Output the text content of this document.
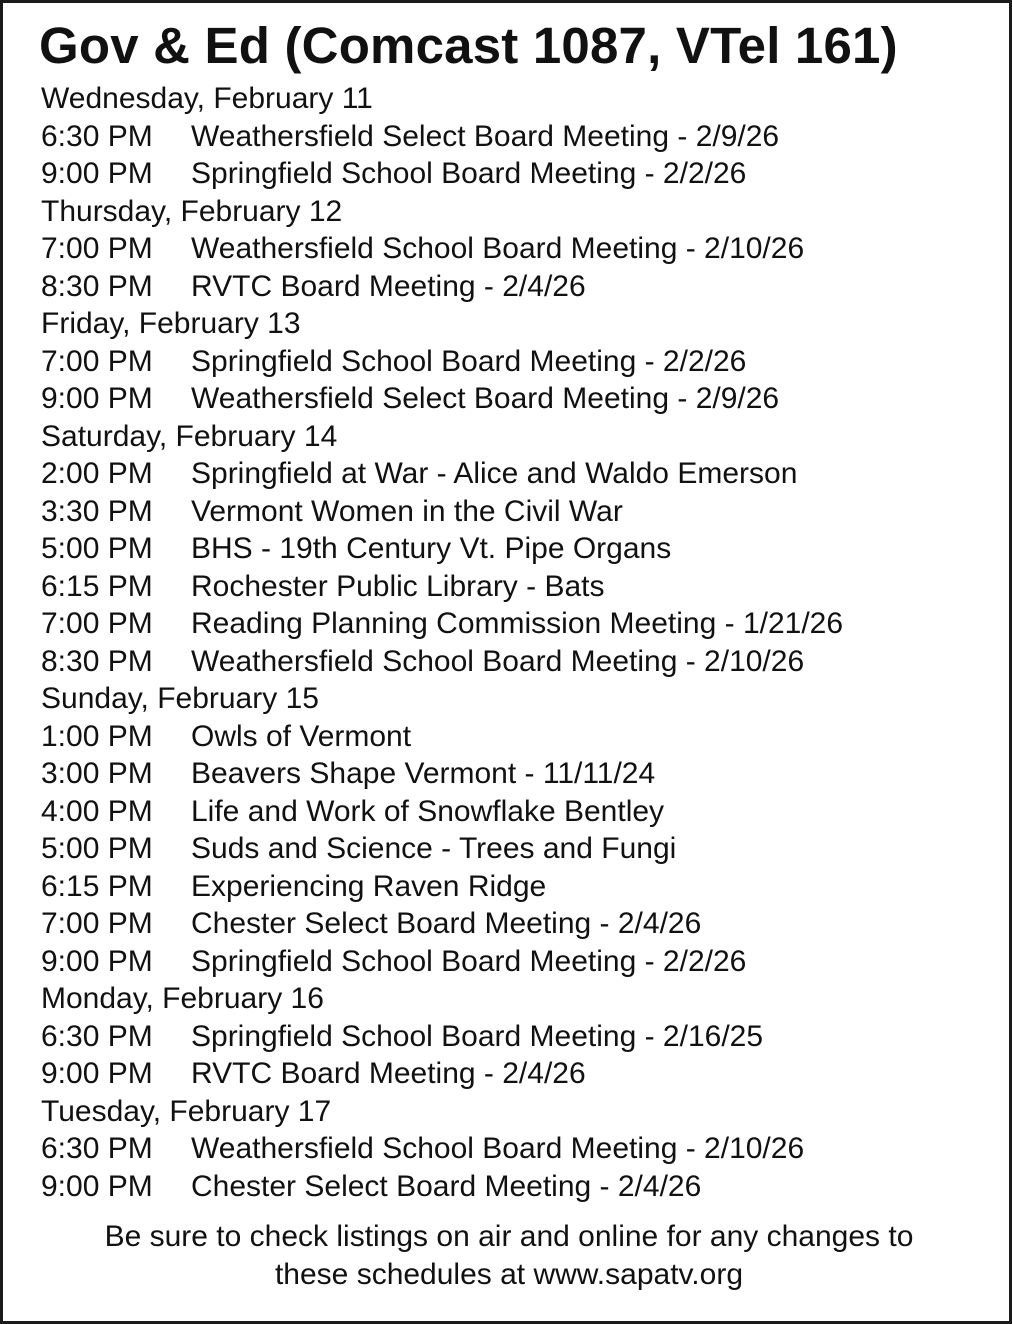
Gov & Ed (Comcast 1087, VTel 161)
Wednesday, February 11
6:30 PM Weathersfield Select Board Meeting - 2/9/26
9:00 PM Springfield School Board Meeting - 2/2/26
Thursday, February 12
7:00 PM Weathersfield School Board Meeting - 2/10/26
8:30 PM RVTC Board Meeting - 2/4/26
Friday, February 13
7:00 PM Springfield School Board Meeting - 2/2/26
9:00 PM Weathersfield Select Board Meeting - 2/9/26
Saturday, February 14
2:00 PM Springfield at War - Alice and Waldo Emerson
3:30 PM Vermont Women in the Civil War
5:00 PM BHS - 19th Century Vt. Pipe Organs
6:15 PM Rochester Public Library - Bats
7:00 PM Reading Planning Commission Meeting - 1/21/26
8:30 PM Weathersfield School Board Meeting - 2/10/26
Sunday, February 15
1:00 PM Owls of Vermont
3:00 PM Beavers Shape Vermont - 11/11/24
4:00 PM Life and Work of Snowflake Bentley
5:00 PM Suds and Science - Trees and Fungi
6:15 PM Experiencing Raven Ridge
7:00 PM Chester Select Board Meeting - 2/4/26
9:00 PM Springfield School Board Meeting - 2/2/26
Monday, February 16
6:30 PM Springfield School Board Meeting - 2/16/25
9:00 PM RVTC Board Meeting - 2/4/26
Tuesday, February 17
6:30 PM Weathersfield School Board Meeting - 2/10/26
9:00 PM Chester Select Board Meeting - 2/4/26
Be sure to check listings on air and online for any changes to
these schedules at www.sapatv.org
